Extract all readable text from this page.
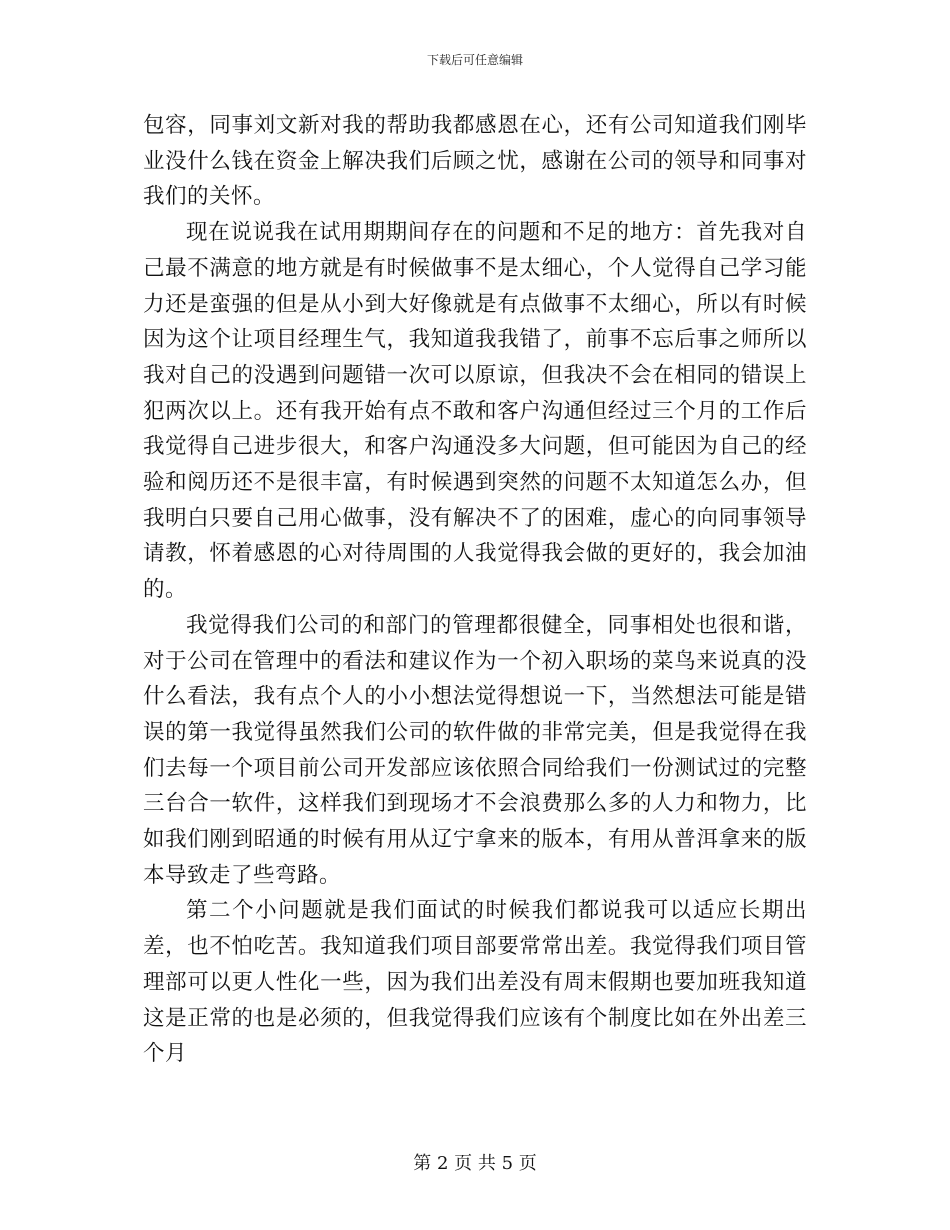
下载后可任意编辑

包容，同事刘文新对我的帮助我都感恩在心，还有公司知道我们刚毕业没什么钱在资金上解决我们后顾之忧，感谢在公司的领导和同事对我们的关怀。

现在说说我在试用期期间存在的问题和不足的地方：首先我对自己最不满意的地方就是有时候做事不是太细心，个人觉得自己学习能力还是蛮强的但是从小到大好像就是有点做事不太细心，所以有时候因为这个让项目经理生气，我知道我我错了，前事不忘后事之师所以我对自己的没遇到问题错一次可以原谅，但我决不会在相同的错误上犯两次以上。还有我开始有点不敢和客户沟通但经过三个月的工作后我觉得自己进步很大，和客户沟通没多大问题，但可能因为自己的经验和阅历还不是很丰富，有时候遇到突然的问题不太知道怎么办，但我明白只要自己用心做事，没有解决不了的困难，虚心的向同事领导请教，怀着感恩的心对待周围的人我觉得我会做的更好的，我会加油的。

我觉得我们公司的和部门的管理都很健全，同事相处也很和谐，对于公司在管理中的看法和建议作为一个初入职场的菜鸟来说真的没什么看法，我有点个人的小小想法觉得想说一下，当然想法可能是错误的第一我觉得虽然我们公司的软件做的非常完美，但是我觉得在我们去每一个项目前公司开发部应该依照合同给我们一份测试过的完整三台合一软件，这样我们到现场才不会浪费那么多的人力和物力，比如我们刚到昭通的时候有用从辽宁拿来的版本，有用从普洱拿来的版本导致走了些弯路。

第二个小问题就是我们面试的时候我们都说我可以适应长期出差，也不怕吃苦。我知道我们项目部要常常出差。我觉得我们项目管理部可以更人性化一些，因为我们出差没有周末假期也要加班我知道这是正常的也是必须的，但我觉得我们应该有个制度比如在外出差三个月

第 2 页 共 5 页
